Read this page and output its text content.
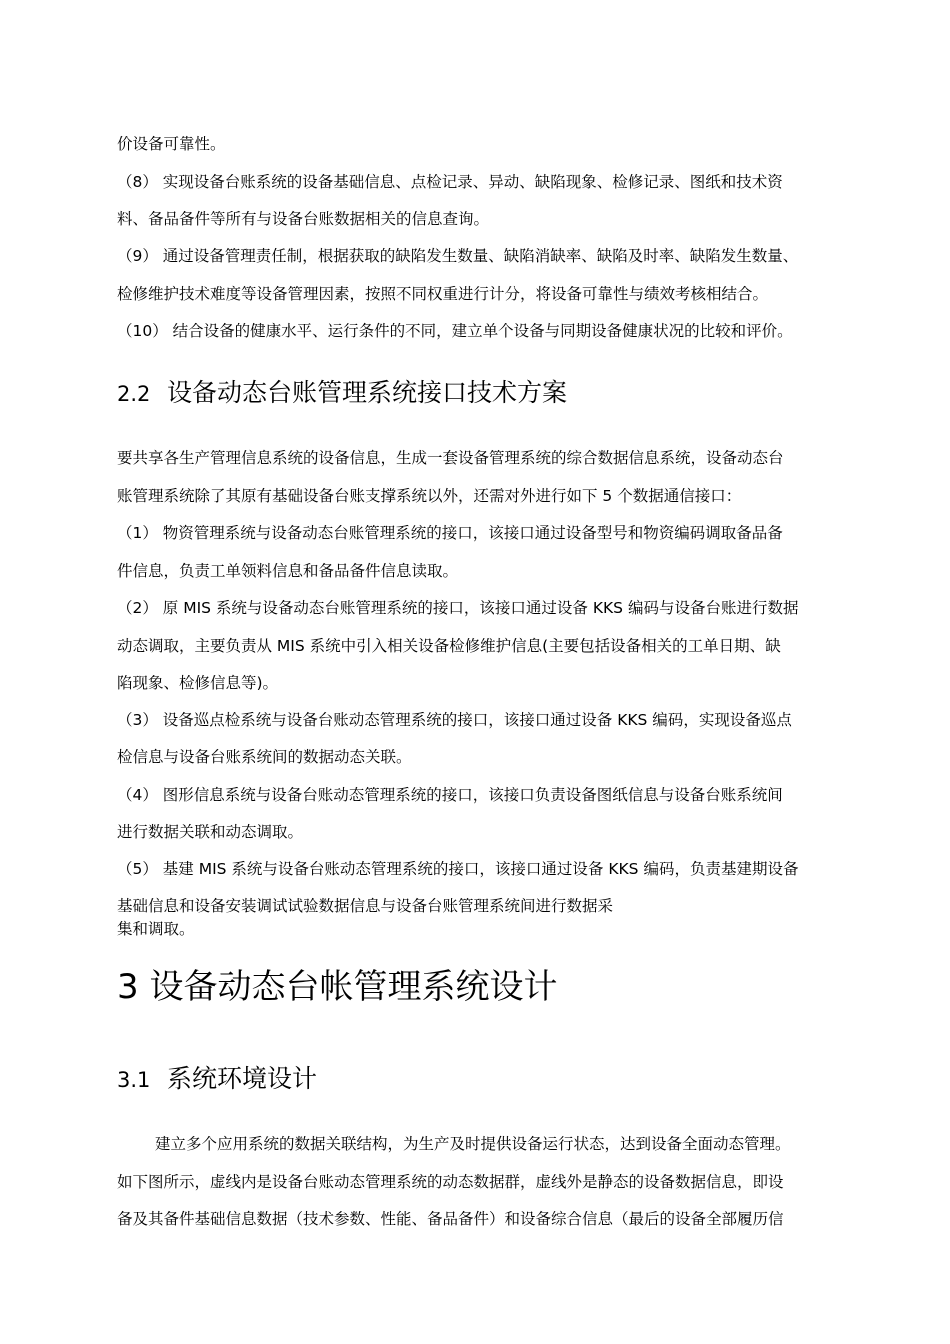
价设备可靠性。
（8） 实现设备台账系统的设备基础信息、点检记录、异动、缺陷现象、检修记录、图纸和技术资
料、备品备件等所有与设备台账数据相关的信息查询。
（9） 通过设备管理责任制，根据获取的缺陷发生数量、缺陷消缺率、缺陷及时率、缺陷发生数量、
检修维护技术难度等设备管理因素，按照不同权重进行计分，将设备可靠性与绩效考核相结合。
（10） 结合设备的健康水平、运行条件的不同，建立单个设备与同期设备健康状况的比较和评价。
2.2 设备动态台账管理系统接口技术方案
要共享各生产管理信息系统的设备信息，生成一套设备管理系统的综合数据信息系统，设备动态台
账管理系统除了其原有基础设备台账支撑系统以外，还需对外进行如下 5 个数据通信接口：
（1） 物资管理系统与设备动态台账管理系统的接口，该接口通过设备型号和物资编码调取备品备
件信息，负责工单领料信息和备品备件信息读取。
（2） 原 MIS 系统与设备动态台账管理系统的接口，该接口通过设备 KKS 编码与设备台账进行数据
动态调取，主要负责从 MIS 系统中引入相关设备检修维护信息(主要包括设备相关的工单日期、缺
陷现象、检修信息等)。
（3） 设备巡点检系统与设备台账动态管理系统的接口，该接口通过设备 KKS 编码，实现设备巡点
检信息与设备台账系统间的数据动态关联。
（4） 图形信息系统与设备台账动态管理系统的接口，该接口负责设备图纸信息与设备台账系统间
进行数据关联和动态调取。
（5） 基建 MIS 系统与设备台账动态管理系统的接口，该接口通过设备 KKS 编码，负责基建期设备
基础信息和设备安装调试试验数据信息与设备台账管理系统间进行数据采
集和调取。
3 设备动态台帐管理系统设计
3.1 系统环境设计
建立多个应用系统的数据关联结构，为生产及时提供设备运行状态，达到设备全面动态管理。
如下图所示，虚线内是设备台账动态管理系统的动态数据群，虚线外是静态的设备数据信息，即设
备及其备件基础信息数据（技术参数、性能、备品备件）和设备综合信息（最后的设备全部履历信
